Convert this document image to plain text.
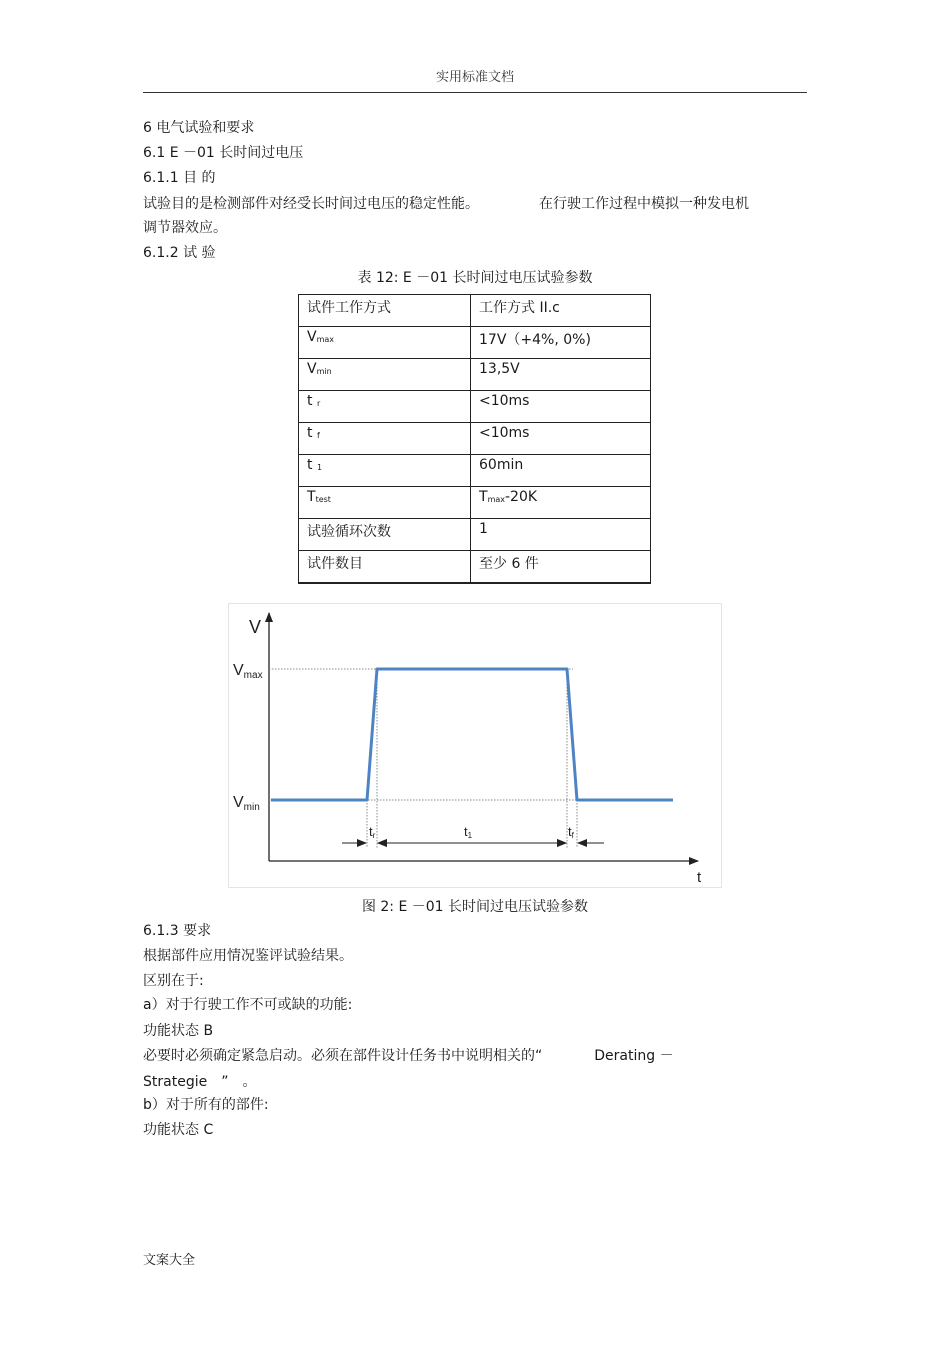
实用标准文档
6 电气试验和要求
6.1 E －01 长时间过电压
6.1.1 目 的
试验目的是检测部件对经受长时间过电压的稳定性能。	在行驶工作过程中模拟一种发电机
调节器效应。
6.1.2 试 验
表 12: E －01 长时间过电压试验参数
试件工作方式	工作方式 II.c
$V_{max}$	17V（+4%, 0%)
$V_{min}$	13,5V
t $_r$	<10ms
t $_f$	<10ms
t $_1$	60min
$T_{test}$	$T_{max}-20K$
试验循环次数	1
试件数目	至少 6 件
V
t
Vmax
Vmin
tr	t1	tf
图 2: E －01 长时间过电压试验参数
6.1.3 要求
根据部件应用情况鉴评试验结果。
区别在于:
a）对于行驶工作不可或缺的功能:
功能状态 B
必要时必须确定紧急启动。必须在部件设计任务书中说明相关的“	Derating －
Strategie ” 。
b）对于所有的部件:
功能状态 C
文案大全
